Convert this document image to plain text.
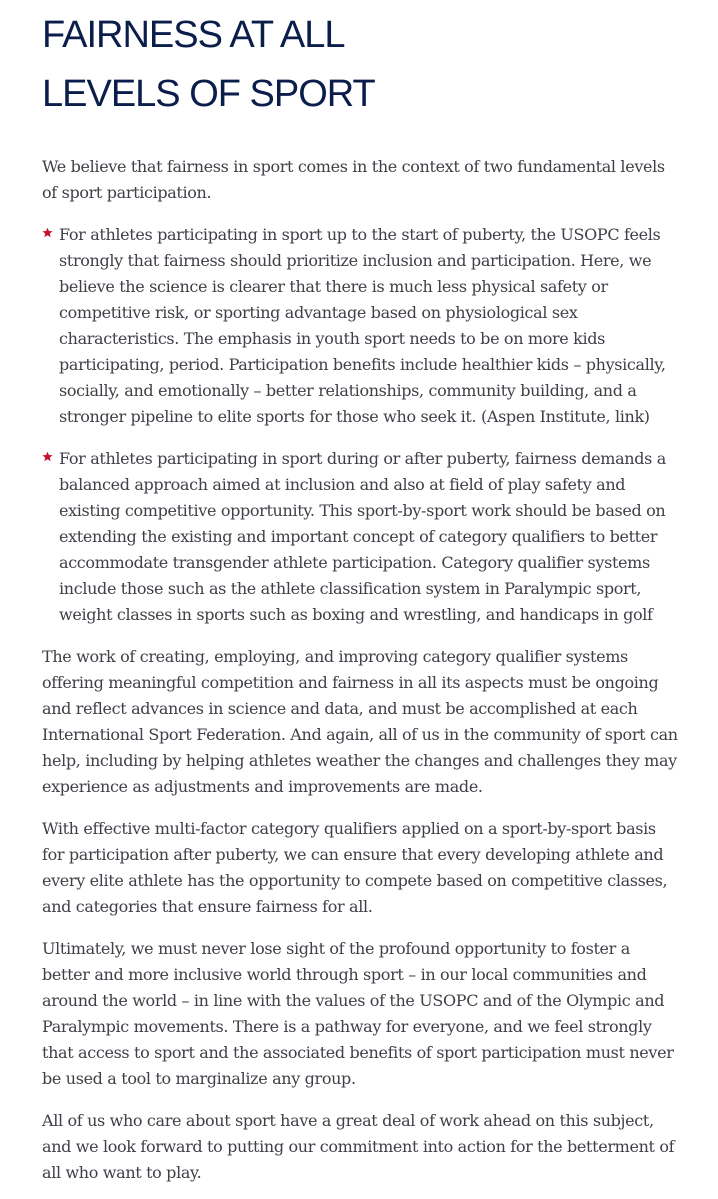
FAIRNESS AT ALL
LEVELS OF SPORT

We believe that fairness in sport comes in the context of two fundamental levels of sport participation.

For athletes participating in sport up to the start of puberty, the USOPC feels strongly that fairness should prioritize inclusion and participation. Here, we believe the science is clearer that there is much less physical safety or competitive risk, or sporting advantage based on physiological sex characteristics. The emphasis in youth sport needs to be on more kids participating, period. Participation benefits include healthier kids – physically, socially, and emotionally – better relationships, community building, and a stronger pipeline to elite sports for those who seek it. (Aspen Institute, link)

For athletes participating in sport during or after puberty, fairness demands a balanced approach aimed at inclusion and also at field of play safety and existing competitive opportunity. This sport-by-sport work should be based on extending the existing and important concept of category qualifiers to better accommodate transgender athlete participation. Category qualifier systems include those such as the athlete classification system in Paralympic sport, weight classes in sports such as boxing and wrestling, and handicaps in golf

The work of creating, employing, and improving category qualifier systems offering meaningful competition and fairness in all its aspects must be ongoing and reflect advances in science and data, and must be accomplished at each International Sport Federation. And again, all of us in the community of sport can help, including by helping athletes weather the changes and challenges they may experience as adjustments and improvements are made.

With effective multi-factor category qualifiers applied on a sport-by-sport basis for participation after puberty, we can ensure that every developing athlete and every elite athlete has the opportunity to compete based on competitive classes, and categories that ensure fairness for all.

Ultimately, we must never lose sight of the profound opportunity to foster a better and more inclusive world through sport – in our local communities and around the world – in line with the values of the USOPC and of the Olympic and Paralympic movements. There is a pathway for everyone, and we feel strongly that access to sport and the associated benefits of sport participation must never be used a tool to marginalize any group.

All of us who care about sport have a great deal of work ahead on this subject, and we look forward to putting our commitment into action for the betterment of all who want to play.
